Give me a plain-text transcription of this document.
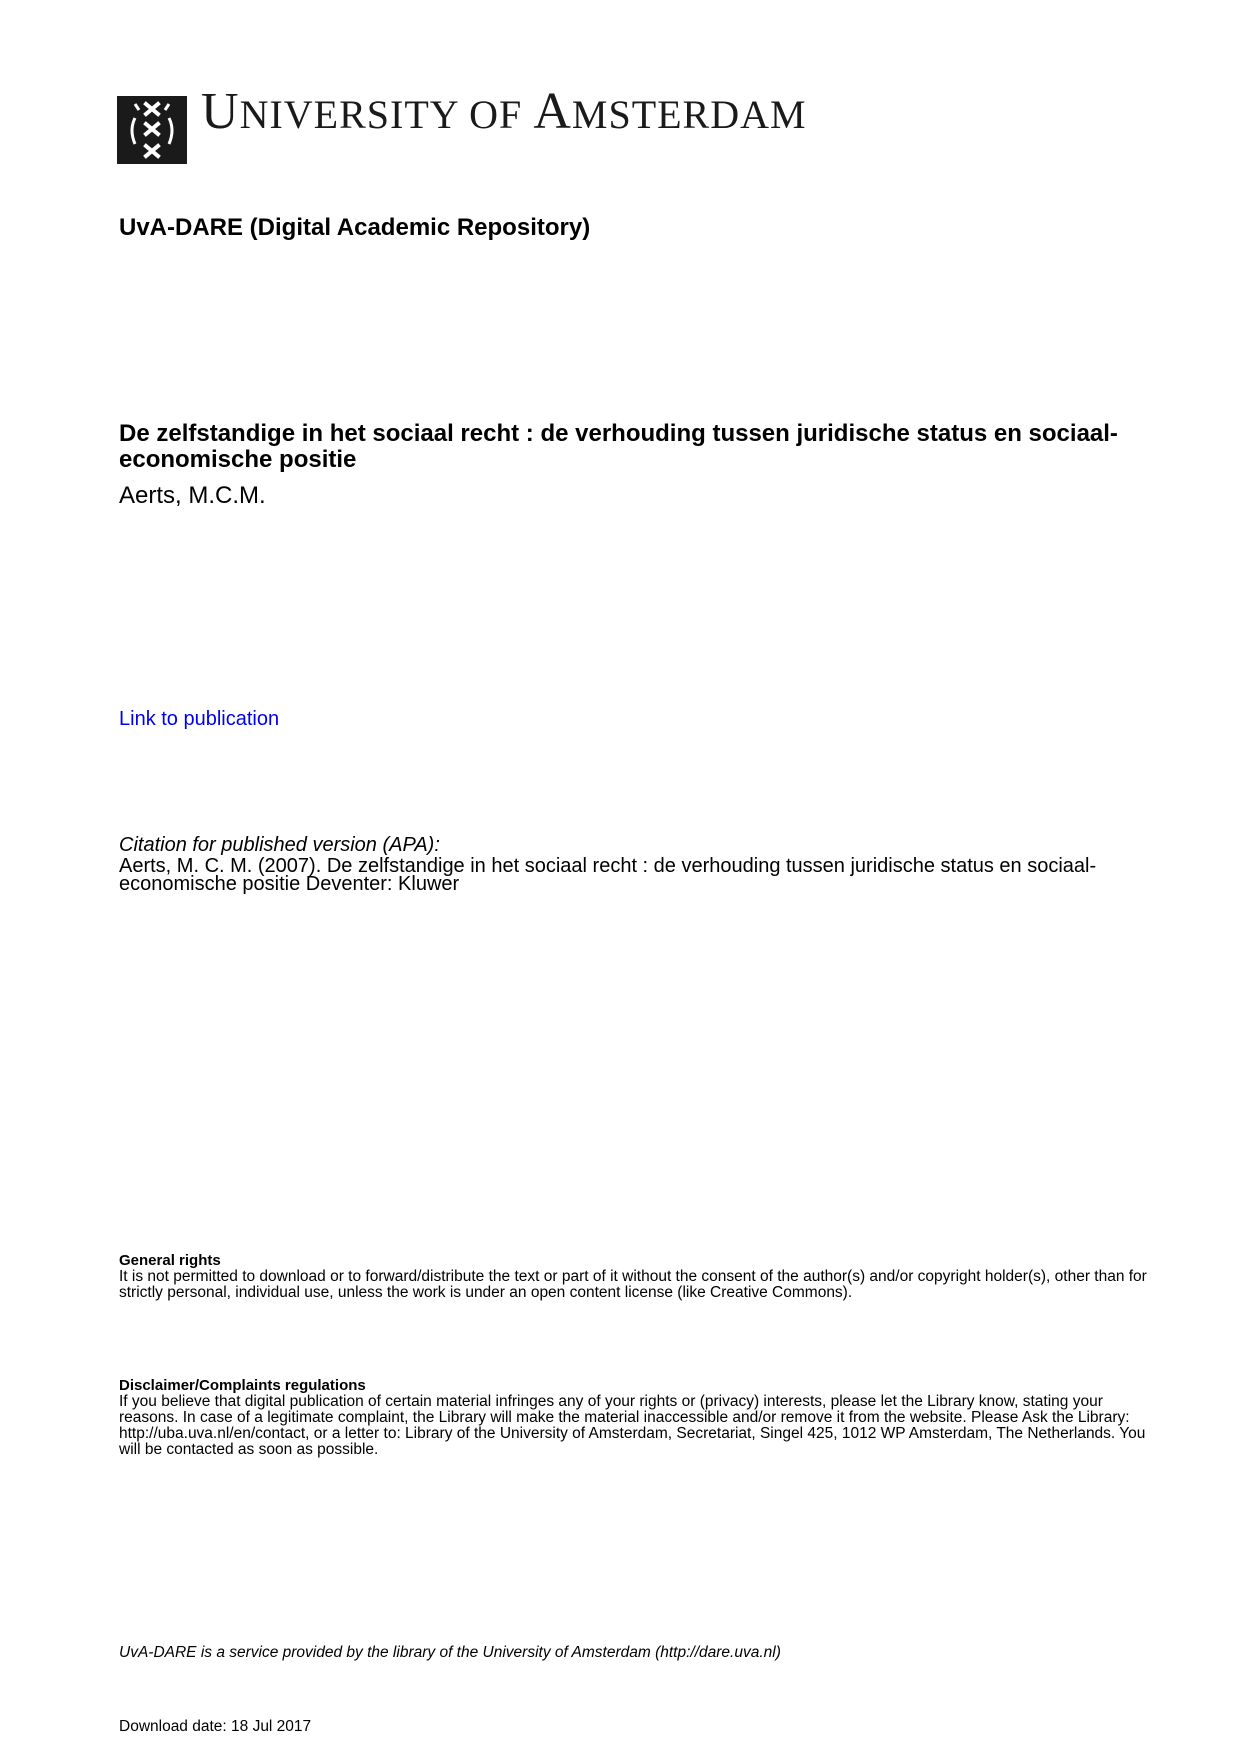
UNIVERSITY OF AMSTERDAM
UvA-DARE (Digital Academic Repository)
De zelfstandige in het sociaal recht : de verhouding tussen juridische status en sociaal-economische positie
Aerts, M.C.M.
Link to publication
Citation for published version (APA):
Aerts, M. C. M. (2007). De zelfstandige in het sociaal recht : de verhouding tussen juridische status en sociaal-economische positie Deventer: Kluwer
General rights
It is not permitted to download or to forward/distribute the text or part of it without the consent of the author(s) and/or copyright holder(s), other than for strictly personal, individual use, unless the work is under an open content license (like Creative Commons).
Disclaimer/Complaints regulations
If you believe that digital publication of certain material infringes any of your rights or (privacy) interests, please let the Library know, stating your reasons. In case of a legitimate complaint, the Library will make the material inaccessible and/or remove it from the website. Please Ask the Library: http://uba.uva.nl/en/contact, or a letter to: Library of the University of Amsterdam, Secretariat, Singel 425, 1012 WP Amsterdam, The Netherlands. You will be contacted as soon as possible.
UvA-DARE is a service provided by the library of the University of Amsterdam (http://dare.uva.nl)
Download date: 18 Jul 2017
